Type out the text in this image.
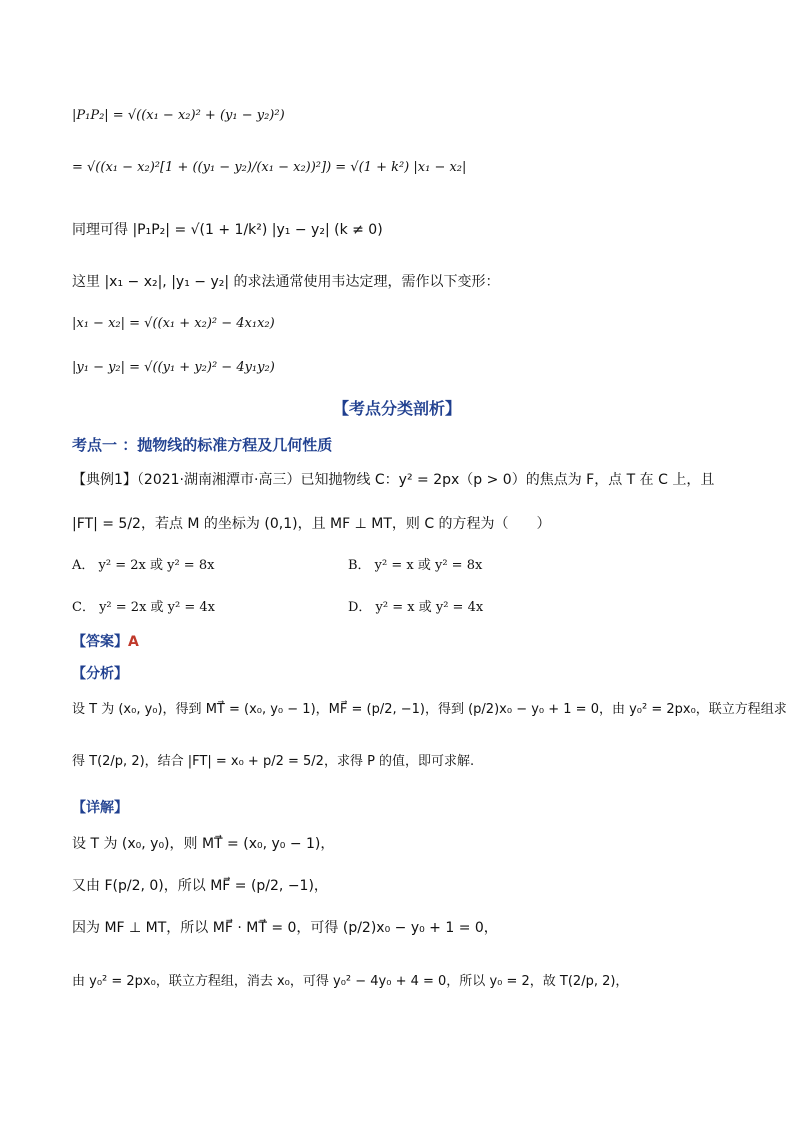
|P₁P₂| = √((x₁ − x₂)² + (y₁ − y₂)²)
= √((x₁ − x₂)²[1 + ((y₁ − y₂)/(x₁ − x₂))²]) = √(1 + k²) |x₁ − x₂|
同理可得 |P₁P₂| = √(1 + 1/k²) |y₁ − y₂| (k ≠ 0)
这里 |x₁ − x₂|, |y₁ − y₂| 的求法通常使用韦达定理，需作以下变形：
|x₁ − x₂| = √((x₁ + x₂)² − 4x₁x₂)
|y₁ − y₂| = √((y₁ + y₂)² − 4y₁y₂)
【考点分类剖析】
考点一 ：抛物线的标准方程及几何性质
【典例1】（2021·湖南湘潭市·高三）已知抛物线 C：y² = 2px（p > 0）的焦点为 F，点 T 在 C 上，且
|FT| = 5/2，若点 M 的坐标为 (0,1)，且 MF ⊥ MT，则 C 的方程为（　　）
A． y² = 2x 或 y² = 8x	B． y² = x 或 y² = 8x
C． y² = 2x 或 y² = 4x	D． y² = x 或 y² = 4x
【答案】A
【分析】
设 T 为 (x₀, y₀)，得到 MT⃗ = (x₀, y₀ − 1)，MF⃗ = (p/2, −1)，得到 (p/2)x₀ − y₀ + 1 = 0，由 y₀² = 2px₀，联立方程组求
得 T(2/p, 2)，结合 |FT| = x₀ + p/2 = 5/2，求得 P 的值，即可求解.
【详解】
设 T 为 (x₀, y₀)，则 MT⃗ = (x₀, y₀ − 1)，
又由 F(p/2, 0)，所以 MF⃗ = (p/2, −1)，
因为 MF ⊥ MT，所以 MF⃗ · MT⃗ = 0，可得 (p/2)x₀ − y₀ + 1 = 0，
由 y₀² = 2px₀，联立方程组，消去 x₀，可得 y₀² − 4y₀ + 4 = 0，所以 y₀ = 2，故 T(2/p, 2)，
